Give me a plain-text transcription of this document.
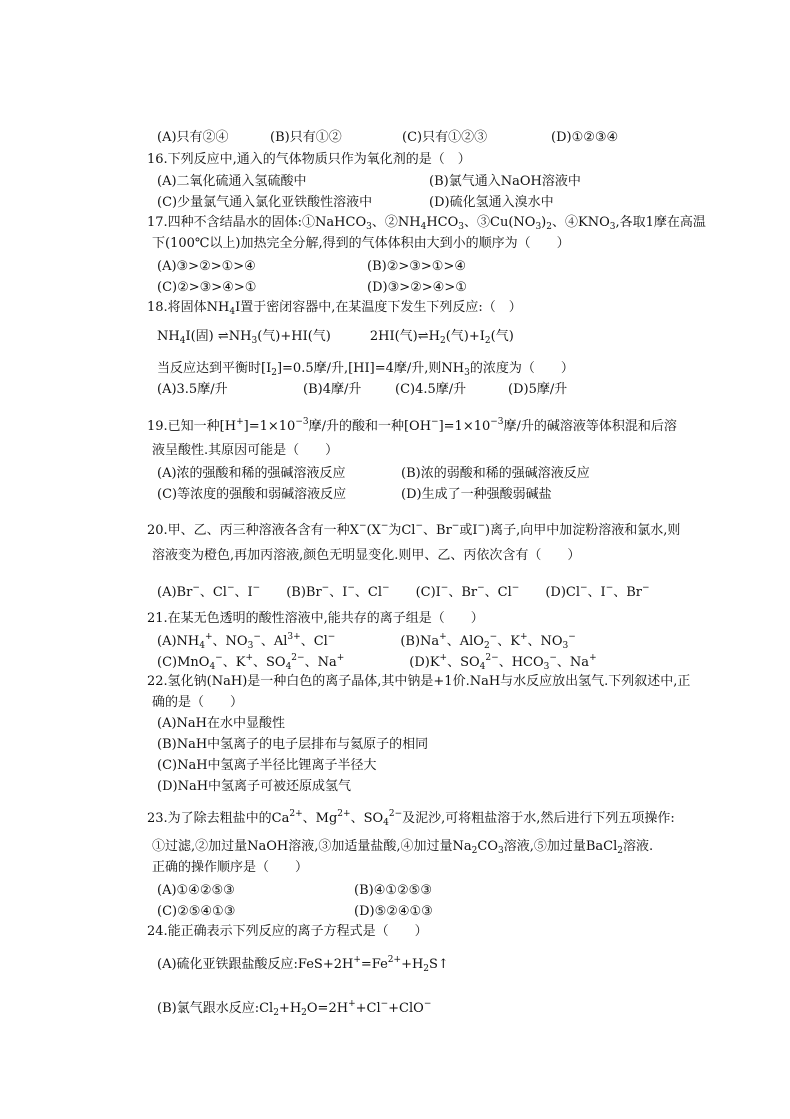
(A)只有②④	(B)只有①②	(C)只有①②③	(D)①②③④
16.下列反应中,通入的气体物质只作为氧化剂的是（　）
(A)二氧化硫通入氢硫酸中	(B)氯气通入NaOH溶液中
(C)少量氯气通入氯化亚铁酸性溶液中	(D)硫化氢通入溴水中
17.四种不含结晶水的固体:①NaHCO$_3$、$②NH_4HCO_3$、$③Cu(NO_3)_2$、$④KNO_3$,各取1摩在高温
下(100℃以上)加热完全分解,得到的气体体积由大到小的顺序为（　　）
(A)③>②>①>④	(B)②>③>①>④
(C)②>③>④>①	(D)③>②>④>①
18.将固体$NH_4I$置于密闭容器中,在某温度下发生下列反应:（　）
$NH_4I$(固) $\rightleftharpoons NH_3$(气)+HI(气)　　　2HI(气)$\rightleftharpoons H_2$(气)$+I_2$(气)
当反应达到平衡时$[I_2]=0.5$摩/升,[HI]=4摩/升,则$NH_3$的浓度为（　　）
(A)3.5摩/升	(B)4摩/升	(C)4.5摩/升	(D)5摩/升
19.已知一种$[H^+]=1\times 10^{-3}$摩/升的酸和一种$[OH^-]=1\times 10^{-3}$摩/升的碱溶液等体积混和后溶
液呈酸性.其原因可能是（　　）
(A)浓的强酸和稀的强碱溶液反应	(B)浓的弱酸和稀的强碱溶液反应
(C)等浓度的强酸和弱碱溶液反应	(D)生成了一种强酸弱碱盐
20.甲、乙、丙三种溶液各含有一种X−(X−为Cl−、Br−或I−)离子,向甲中加淀粉溶液和氯水,则
溶液变为橙色,再加丙溶液,颜色无明显变化.则甲、乙、丙依次含有（　　）
(A)Br−、Cl−、I−　　(B)Br−、I−、Cl−　　(C)I−、Br−、Cl−　　(D)Cl−、I−、Br−
21.在某无色透明的酸性溶液中,能共存的离子组是（　　）
$(A)NH_4^+$、$NO_3^-$、$Al^{3+}$、Cl−　　　　　(B)Na+、AlO$_2$−、K+、$NO_3^-$
(C)MnO$_4$−、K+、$SO_4^{2-}$、Na+　　　　　(D)K+、$SO_4^{2-}$、$HCO_3^-$、Na+
22.氢化钠(NaH)是一种白色的离子晶体,其中钠是+1价.NaH与水反应放出氢气.下列叙述中,正
确的是（　　）
(A)NaH在水中显酸性
(B)NaH中氢离子的电子层排布与氦原子的相同
(C)NaH中氢离子半径比锂离子半径大
(D)NaH中氢离子可被还原成氢气
23.为了除去粗盐中的$Ca^{2+}$、$Mg^{2+}$、$SO_4^{2-}$及泥沙,可将粗盐溶于水,然后进行下列五项操作:
①过滤,②加过量NaOH溶液,③加适量盐酸,④加过量$Na_2CO_3$溶液,⑤加过量BaCl$_2$溶液.
正确的操作顺序是（　　）
(A)①④②⑤③	(B)④①②⑤③
(C)②⑤④①③	(D)⑤②④①③
24.能正确表示下列反应的离子方程式是（　　）
(A)硫化亚铁跟盐酸反应$:FeS+2H^+=Fe^{2+}+H_2S↑$
(B)氯气跟水反应$:Cl_2+H_2O=2H^++Cl^-+ClO^-$
